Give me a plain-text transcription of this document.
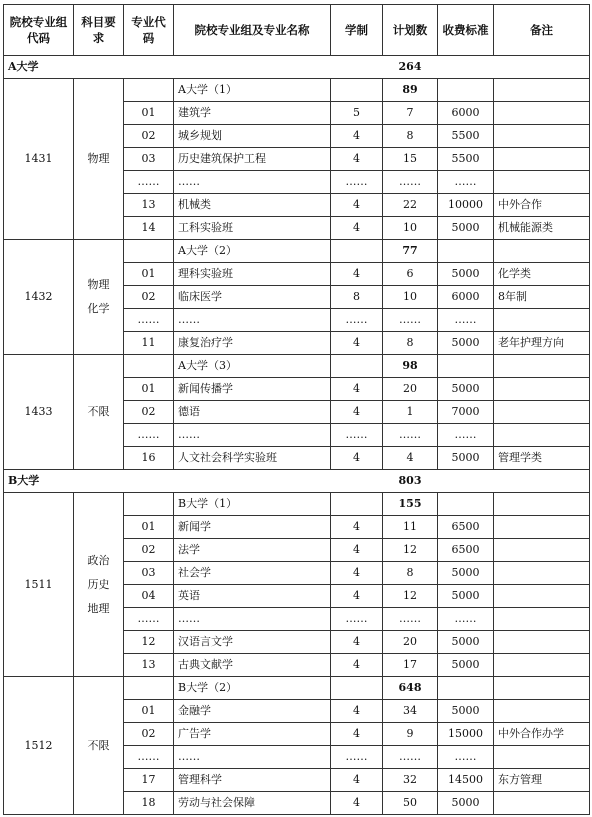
院校专业组代码	科目要求	专业代码	院校专业组及专业名称	学制	计划数	收费标准	备注
A大学					264		
1431	物理		A大学（1）		89		
		01	建筑学	5	7	6000	
		02	城乡规划	4	8	5500	
		03	历史建筑保护工程	4	15	5500	
		……	……	……	……	……	
		13	机械类	4	22	10000	中外合作
		14	工科实验班	4	10	5000	机械能源类
1432	物理
化学		A大学（2）		77		
		01	理科实验班	4	6	5000	化学类
		02	临床医学	8	10	6000	8年制
		……	……	……	……	……	
		11	康复治疗学	4	8	5000	老年护理方向
1433	不限		A大学（3）		98		
		01	新闻传播学	4	20	5000	
		02	德语	4	1	7000	
		……	……	……	……	……	
		16	人文社会科学实验班	4	4	5000	管理学类
B大学					803		
1511	政治
历史
地理		B大学（1）		155		
		01	新闻学	4	11	6500	
		02	法学	4	12	6500	
		03	社会学	4	8	5000	
		04	英语	4	12	5000	
		……	……	……	……	……	
		12	汉语言文学	4	20	5000	
		13	古典文献学	4	17	5000	
1512	不限		B大学（2）		648		
		01	金融学	4	34	5000	
		02	广告学	4	9	15000	中外合作办学
		……	……	……	……	……	
		17	管理科学	4	32	14500	东方管理
		18	劳动与社会保障	4	50	5000	
